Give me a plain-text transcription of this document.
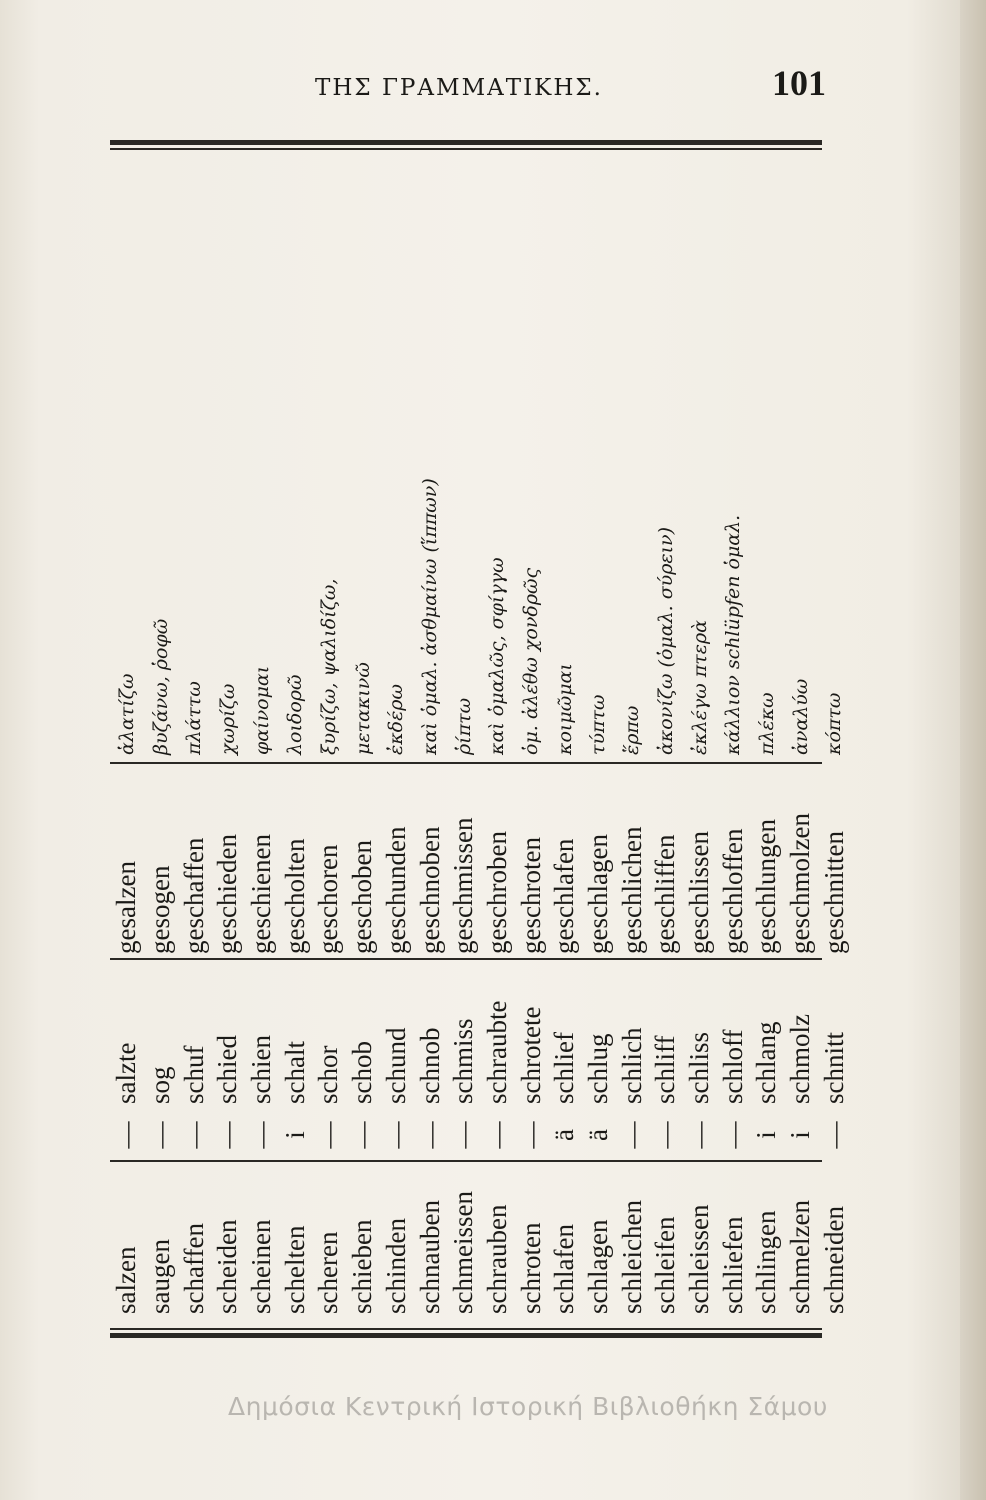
ΤΗΣ ΓΡΑΜΜΑΤΙΚΗΣ.	101
salzen
—
salzte
gesalzen
ἁλατίζω
saugen
—
sog
gesogen
βυζάνω, ῥοφῶ
schaffen
—
schuf
geschaffen
πλάττω
scheiden
—
schied
geschieden
χωρίζω
scheinen
—
schien
geschienen
φαίνομαι
schelten
i
schalt
gescholten
λοιδορῶ
scheren
—
schor
geschoren
ξυρίζω, ψαλιδίζω,
schieben
—
schob
geschoben
μετακινῶ
schinden
—
schund
geschunden
ἐκδέρω
schnauben
—
schnob
geschnoben
καὶ ὁμαλ. ἀσθμαίνω (ἵππων)
schmeissen
—
schmiss
geschmissen
ῥίπτω
schrauben
—
schraubte
geschroben
καὶ ὁμαλῶς, σφίγγω
schroten
—
schrotete
geschroten
ὁμ. ἀλέθω χονδρῶς
schlafen
ä
schlief
geschlafen
κοιμῶμαι
schlagen
ä
schlug
geschlagen
τύπτω
schleichen
—
schlich
geschlichen
ἕρπω
schleifen
—
schliff
geschliffen
ἀκονίζω (ὁμαλ. σύρειν)
schleissen
—
schliss
geschlissen
ἐκλέγω πτερὰ
schliefen
—
schloff
geschloffen
κάλλιον schlüpfen ὁμαλ.
schlingen
i
schlang
geschlungen
πλέκω
schmelzen
i
schmolz
geschmolzen
ἀναλύω
schneiden
—
schnitt
geschnitten
κόπτω
Δημόσια Κεντρική Ιστορική Βιβλιοθήκη Σάμου
